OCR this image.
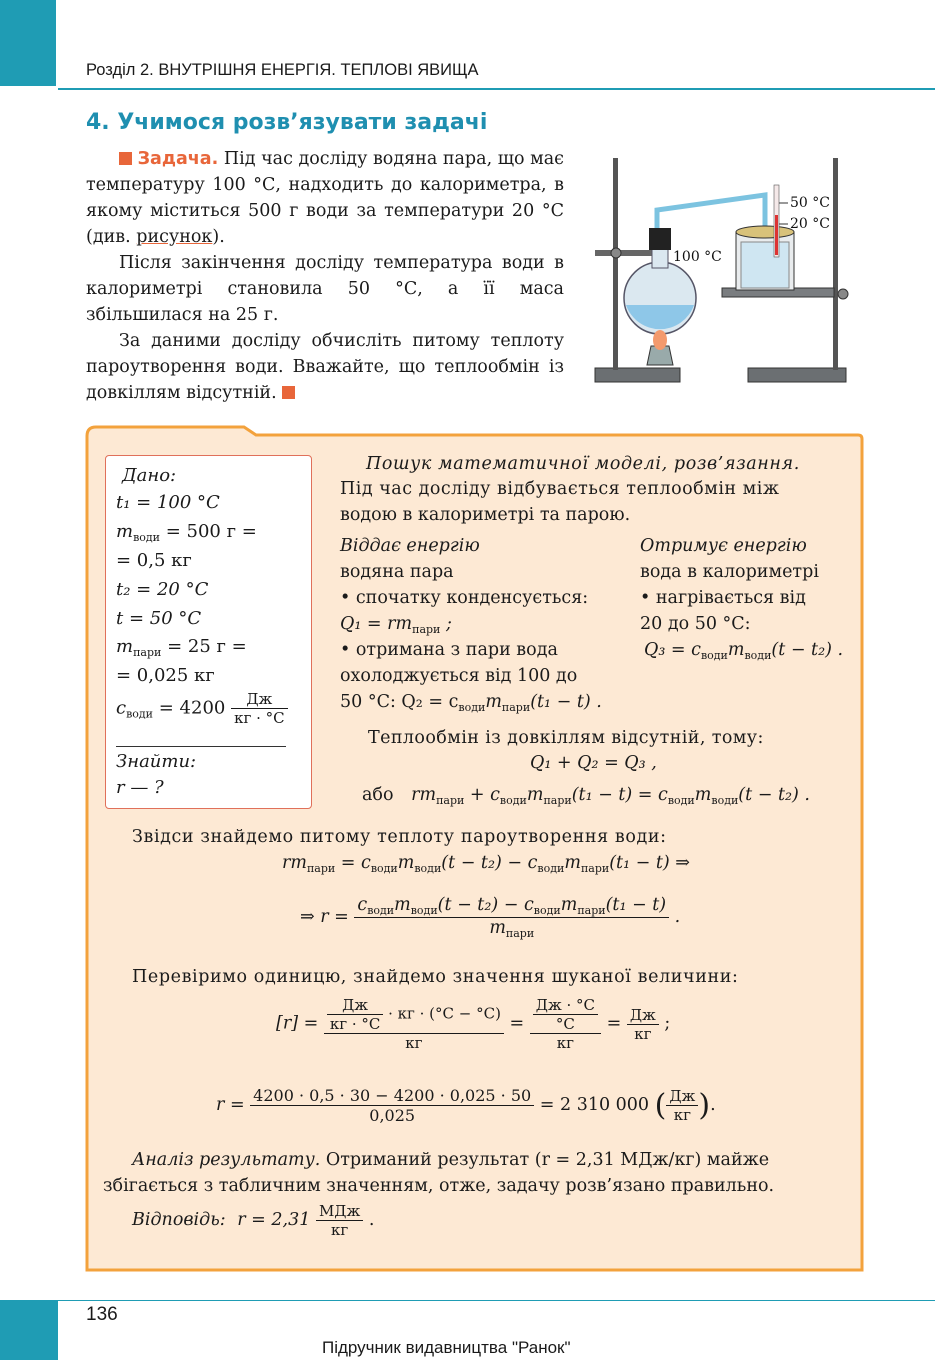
Розділ 2. ВНУТРІШНЯ ЕНЕРГІЯ. ТЕПЛОВІ ЯВИЩА
4. Учимося розв’язувати задачі

Задача. Під час досліду водяна пара, що має температуру 100 °С, надходить до калориметра, в якому міститься 500 г води за температури 20 °С (див. рисунок).

Після закінчення досліду температура води в калориметрі становила 50 °С, а її маса збільшилася на 25 г.

За даними досліду обчисліть питому теплоту пароутворення води. Вважайте, що теплообмін із довкіллям відсутній.

100 °C
50 °C
20 °C
Дано:
t₁ = 100 °C
$m_{води} = 500$ г =
= 0,5 кг
t₂ = 20 °C
t = 50 °C
$m_{пари} = 25$ г =
= 0,025 кг
$c_{води} = 4200 \frac{Дж}{кг \cdot ^\circ C}$
Знайти:
r — ?
Пошук математичної моделі, розв’язання.
Під час досліду відбувається теплообмін між
водою в калориметрі та парою.
Віддає енергію
водяна пара
• спочатку конденсується:
$Q_1 = rm_{пари}$ ;
• отримана з пари вода
охолоджується від 100 до
50 °С: $Q_2 = c_{води}m_{пари}(t_1 - t)$ .
Отримує енергію
вода в калориметрі
• нагрівається від
20 до 50 °С:
$Q_3 = c_{води}m_{води}(t - t_2)$ .
Теплообмін із довкіллям відсутній, тому:
Q₁ + Q₂ = Q₃ ,
або $rm_{пари} + c_{води}m_{пари}(t_1 - t) = c_{води}m_{води}(t - t_2)$ .
Звідси знайдемо питому теплоту пароутворення води:
$rm_{пари} = c_{води}m_{води}(t - t_2) - c_{води}m_{пари}(t_1 - t)$ ⇒
⇒ $r = \frac{c_{води}m_{води}(t - t_2) - c_{води}m_{пари}(t_1 - t)}{m_{пари}}$ .
Перевіримо одиницю, знайдемо значення шуканої величини:
$[r] = \frac{\frac{Дж}{кг \cdot ^\circ C} \cdot кг \cdot (^\circ C - ^\circ C)}{кг} = \frac{\frac{Дж \cdot ^\circ C}{^\circ C}}{кг} = \frac{Дж}{кг}$ ;
$r = \frac{4200 \cdot 0,5 \cdot 30 - 4200 \cdot 0,025 \cdot 50}{0,025} = 2$ 310 000 ( $\frac{Дж}{кг}$ ).
Аналіз результату. Отриманий результат (r = 2,31 МДж/кг) майже
збігається з табличним значенням, отже, задачу розв’язано правильно.
Відповідь: $r = 2,31 \frac{\text{МДж}}{кг}$ .
136
Підручник видавництва "Ранок"
